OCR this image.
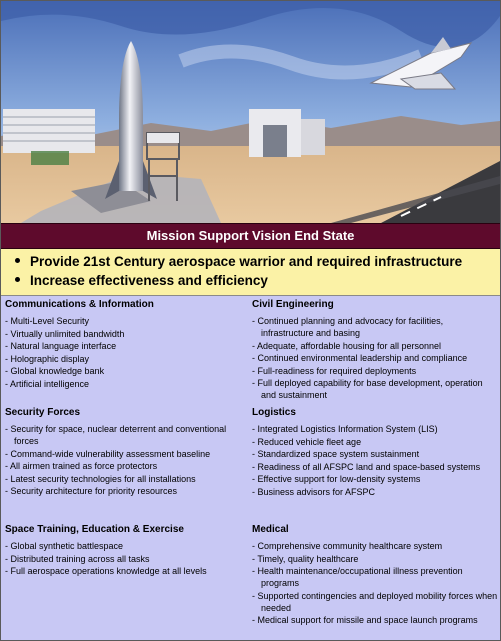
Mission Support Vision End State
Provide 21st Century aerospace warrior and required infrastructure
Increase effectiveness and efficiency
Communications & Information
- Multi-Level Security
- Virtually unlimited bandwidth
- Natural language interface
- Holographic display
- Global knowledge bank
- Artificial intelligence
Security Forces
- Security for space, nuclear deterrent and conventional forces
- Command-wide vulnerability assessment baseline
- All airmen trained as force protectors
- Latest security technologies for all installations
- Security architecture for priority resources
Space Training, Education & Exercise
- Global synthetic battlespace
- Distributed training across all tasks
- Full aerospace operations knowledge at all levels
Civil Engineering
- Continued planning and advocacy for facilities, infrastructure and basing
- Adequate, affordable housing for all personnel
- Continued environmental leadership and compliance
- Full-readiness for required deployments
- Full deployed capability for base development, operation and sustainment
Logistics
- Integrated Logistics Information System (LIS)
- Reduced vehicle fleet age
- Standardized space system sustainment
- Readiness of all AFSPC land and space-based systems
- Effective support for low-density systems
- Business advisors for AFSPC
Medical
- Comprehensive community healthcare system
- Timely, quality healthcare
- Health maintenance/occupational illness prevention programs
- Supported contingencies and deployed mobility forces when needed
- Medical support for missile and space launch programs
